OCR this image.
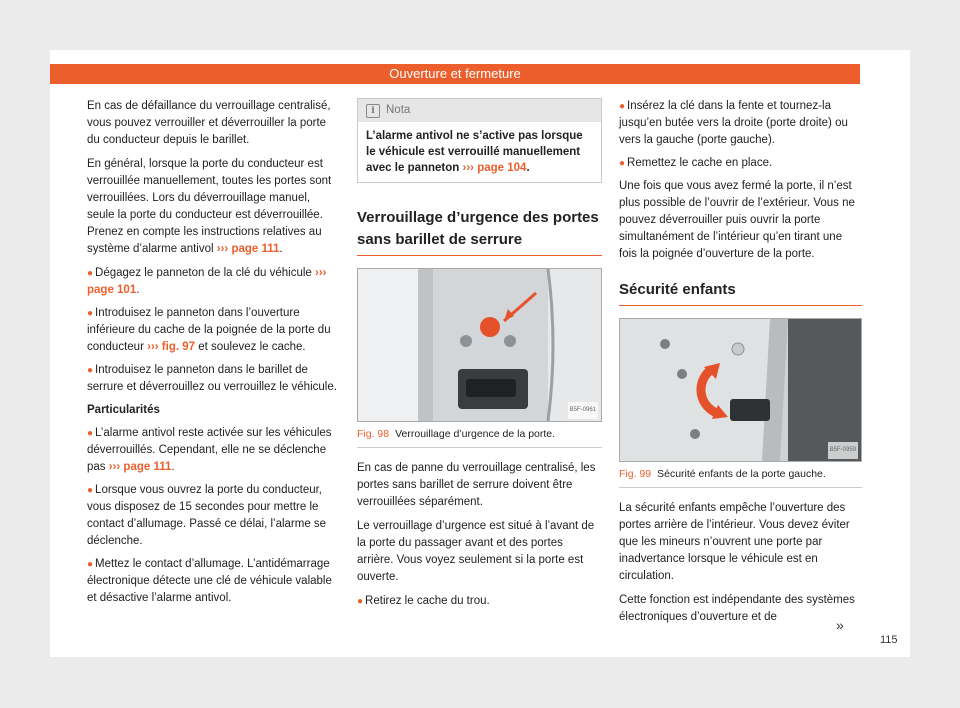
Ouverture et fermeture

En cas de défaillance du verrouillage centralisé, vous pouvez verrouiller et déverrouiller la porte du conducteur depuis le barillet.

En général, lorsque la porte du conducteur est verrouillée manuellement, toutes les portes sont verrouillées. Lors du déverrouillage manuel, seule la porte du conducteur est déverrouillée. Prenez en compte les instructions relatives au système d’alarme antivol ››› page 111.

● Dégagez le panneton de la clé du véhicule ››› page 101.
● Introduisez le panneton dans l’ouverture inférieure du cache de la poignée de la porte du conducteur ››› fig. 97 et soulevez le cache.
● Introduisez le panneton dans le barillet de serrure et déverrouillez ou verrouillez le véhicule.
Particularités
● L’alarme antivol reste activée sur les véhicules déverrouillés. Cependant, elle ne se déclenche pas ››› page 111.
● Lorsque vous ouvrez la porte du conducteur, vous disposez de 15 secondes pour mettre le contact d’allumage. Passé ce délai, l’alarme se déclenche.
● Mettez le contact d’allumage. L’antidémarrage électronique détecte une clé de véhicule valable et désactive l’alarme antivol.
i Nota
L’alarme antivol ne s’active pas lorsque le véhicule est verrouillé manuellement avec le panneton ››› page 104.
Verrouillage d’urgence des portes sans barillet de serrure
B5F-0961
Fig. 98 Verrouillage d’urgence de la porte.

En cas de panne du verrouillage centralisé, les portes sans barillet de serrure doivent être verrouillées séparément.

Le verrouillage d’urgence est situé à l’avant de la porte du passager avant et des portes arrière. Vous voyez seulement si la porte est ouverte.

● Retirez le cache du trou.
● Insérez la clé dans la fente et tournez-la jusqu’en butée vers la droite (porte droite) ou vers la gauche (porte gauche).
● Remettez le cache en place.

Une fois que vous avez fermé la porte, il n’est plus possible de l’ouvrir de l’extérieur. Vous ne pouvez déverrouiller puis ouvrir la porte simultanément de l’intérieur qu’en tirant une fois la poignée d’ouverture de la porte.

Sécurité enfants
B5F-0959
Fig. 99 Sécurité enfants de la porte gauche.

La sécurité enfants empêche l’ouverture des portes arrière de l’intérieur. Vous devez éviter que les mineurs n’ouvrent une porte par inadvertance lorsque le véhicule est en circulation.

Cette fonction est indépendante des systèmes électroniques d’ouverture et de	»
115
